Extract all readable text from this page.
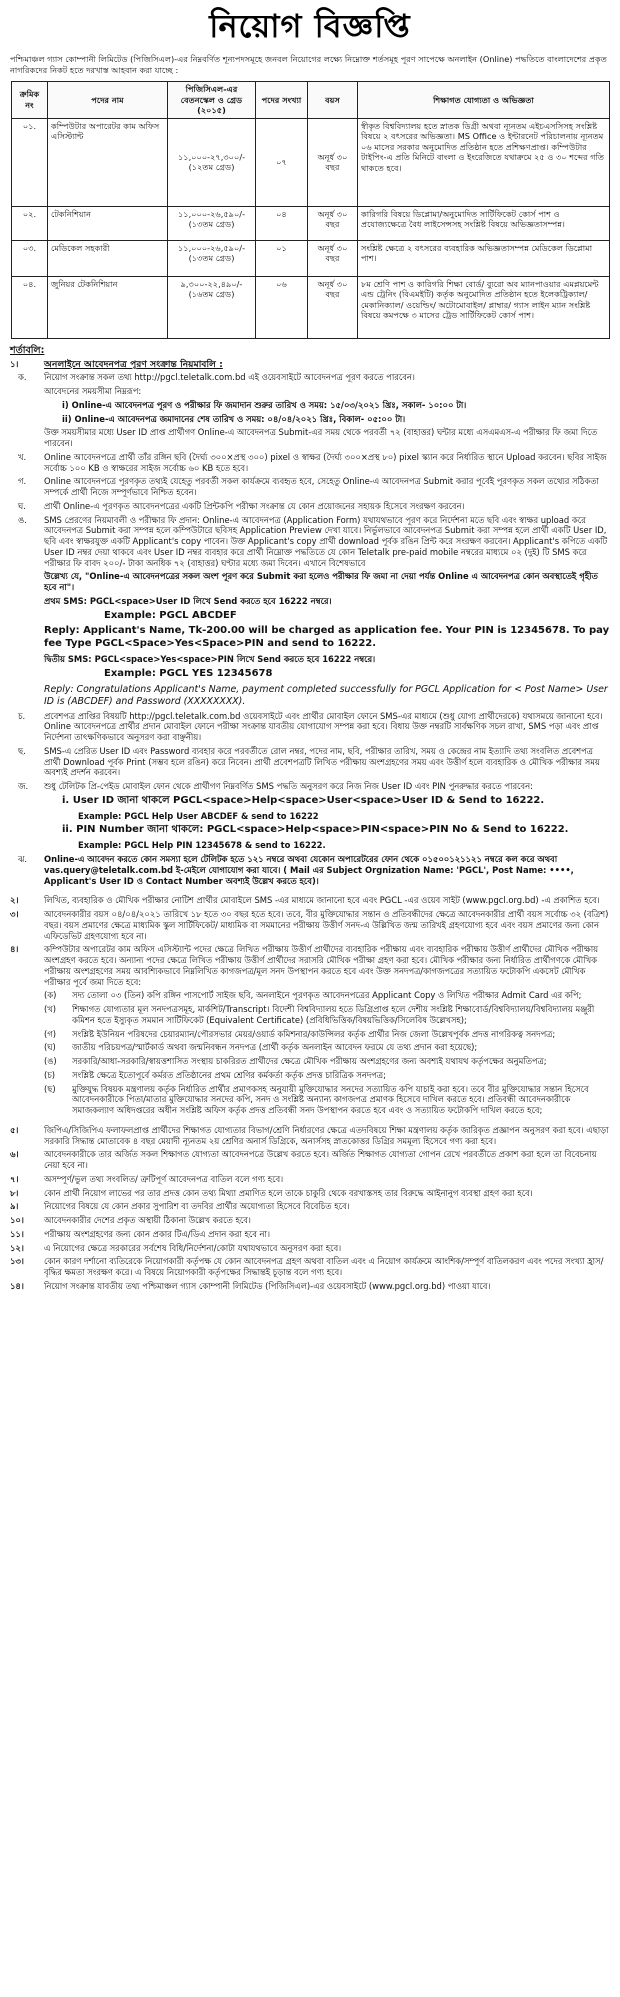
নিয়োগ বিজ্ঞপ্তি

পশ্চিমাঞ্চল গ্যাস কোম্পানী লিমিটেড (পিজিসিএল)-এর নিম্নবর্ণিত শূন্যপদসমূহে জনবল নিয়োগের লক্ষ্যে নিম্নোক্ত শর্তসমূহ পূরণ সাপেক্ষে অনলাইন (Online) পদ্ধতিতে বাংলাদেশের প্রকৃত নাগরিকদের নিকট হতে দরখাস্ত আহবান করা যাচ্ছে :

ক্রমিক নং	পদের নাম	পিজিসিএল-এর বেতনস্কেল ও গ্রেড (২০১৫)	পদের সংখ্যা	বয়স	শিক্ষাগত যোগ্যতা ও অভিজ্ঞতা
০১.	কম্পিউটার অপারেটর কাম অফিস এসিস্ট্যান্ট	১১,০০০-২৭,৩০০/- (১২তম গ্রেড)	০৭	অনূর্ধ ৩০ বছর	স্বীকৃত বিশ্ববিদ্যালয় হতে স্নাতক ডিগ্রী অথবা ন্যূনতম এইচএসসিসহ সংশ্লিষ্ট বিষয়ে ২ বৎসরের অভিজ্ঞতা। MS Office ও ইন্টারনেট পরিচালনায় ন্যূনতম ০৬ মাসের সরকার অনুমোদিত প্রতিষ্ঠান হতে প্রশিক্ষণপ্রাপ্ত। কম্পিউটার টাইপিং-এ প্রতি মিনিটে বাংলা ও ইংরেজিতে যথাক্রমে ২৫ ও ৩০ শব্দের গতি থাকতে হবে।
০২.	টেকনিশিয়ান	১১,০০০-২৬,৫৯০/- (১৩তম গ্রেড)	০৪	অনূর্ধ ৩০ বছর	কারিগরি বিষয়ে ডিপ্লোমা/অনুমোদিত সার্টিফিকেট কোর্স পাশ ও প্রযোজ্যক্ষেত্রে বৈধ লাইসেন্সসহ সংশ্লিষ্ট বিষয়ে অভিজ্ঞতাসম্পন্ন।
০৩.	মেডিকেল সহকারী	১১,০০০-২৬,৫৯০/- (১৩তম গ্রেড)	০১	অনূর্ধ ৩০ বছর	সংশ্লিষ্ট ক্ষেত্রে ২ বৎসরের ব্যবহারিক অভিজ্ঞতাসম্পন্ন মেডিকেল ডিপ্লোমা পাশ।
০৪.	জুনিয়র টেকনিশিয়ান	৯,৩০০-২২,৪৯০/- (১৬তম গ্রেড)	০৬	অনূর্ধ ৩০ বছর	৮ম শ্রেণি পাশ ও কারিগরি শিক্ষা বোর্ড/ ব্যুরো অব ম্যানপাওয়ার এমপ্লয়মেন্ট এন্ড ট্রেনিং (বিএমইটি) কর্তৃক অনুমোদিত প্রতিষ্ঠান হতে ইলেকট্রিক্যাল/ মেকানিক্যাল/ ওয়েল্ডিং/ অটোমোবাইল/ প্লাম্বার/ গ্যাস লাইন ম্যান সংশ্লিষ্ট বিষয়ে কমপক্ষে ৩ মাসের ট্রেড সার্টিফিকেট কোর্স পাশ।
শর্তাবলি:
১।	অনলাইনে আবেদনপত্র পূরণ সংক্রান্ত নিয়মাবলি :
ক.	নিয়োগ সংক্রান্ত সকল তথ্য http://pgcl.teletalk.com.bd এই ওয়েবসাইটে আবেদনপত্র পূরণ করতে পারবেন।

আবেদনের সময়সীমা নিম্নরূপ:

i) Online-এ আবেদনপত্র পূরণ ও পরীক্ষার ফি জমাদান শুরুর তারিখ ও সময়: ১৫/০৩/২০২১ খ্রিঃ, সকাল- ১০:০০ টা।

ii) Online-এ আবেদনপত্র জমাদানের শেষ তারিখ ও সময়: ০৪/০৪/২০২১ খ্রিঃ, বিকাল- ০৫:০০ টা।

উক্ত সময়সীমার মধ্যে User ID প্রাপ্ত প্রার্থীগণ Online-এ আবেদনপত্র Submit-এর সময় থেকে পরবর্তী ৭২ (বাহাত্তর) ঘন্টার মধ্যে এসএমএস-এ পরীক্ষার ফি জমা দিতে পারবেন।

খ.	Online আবেদনপত্রে প্রার্থী তাঁর রঙ্গিন ছবি (দৈর্ঘ্য ৩০০×প্রস্থ ৩০০) pixel ও স্বাক্ষর (দৈর্ঘ্য ৩০০×প্রস্থ ৮০) pixel স্ক্যান করে নির্ধারিত স্থানে Upload করবেন। ছবির সাইজ সর্বোচ্চ ১০০ KB ও স্বাক্ষরের সাইজ সর্বোচ্চ ৬০ KB হতে হবে।

গ.	Online আবেদনপত্রে পূরণকৃত তথ্যই যেহেতু পরবর্তী সকল কার্যক্রমে ব্যবহৃত হবে, সেহেতু Online-এ আবেদনপত্র Submit করার পূর্বেই পূরণকৃত সকল তথ্যের সঠিকতা সম্পর্কে প্রার্থী নিজে সম্পূর্ণভাবে নিশ্চিত হবেন।

ঘ.	প্রার্থী Online-এ পূরণকৃত আবেদনপত্রের একটি প্রিন্টকপি পরীক্ষা সংক্রান্ত যে কোন প্রয়োজনের সহায়ক হিসেবে সংরক্ষণ করবেন।

ঙ.	SMS প্রেরণের নিয়মাবলী ও পরীক্ষার ফি প্রদান: Online-এ আবেদনপত্র (Application Form) যথাযথভাবে পূরণ করে নির্দেশনা মতে ছবি এবং স্বাক্ষর upload করে আবেদনপত্র Submit করা সম্পন্ন হলে কম্পিউটারে ছবিসহ Application Preview দেখা যাবে। নির্ভুলভাবে আবেদনপত্র Submit করা সম্পন্ন হলে প্রার্থী একটি User ID, ছবি এবং স্বাক্ষরযুক্ত একটি Applicant's copy পাবেন। উক্ত Applicant's copy প্রার্থী download পূর্বক রঙিন প্রিন্ট করে সংরক্ষণ করবেন। Applicant's কপিতে একটি User ID নম্বর দেয়া থাকবে এবং User ID নম্বর ব্যবহার করে প্রার্থী নিম্নোক্ত পদ্ধতিতে যে কোন Teletalk pre-paid mobile নম্বরের মাধ্যমে ০২ (দুই) টি SMS করে পরীক্ষার ফি বাবদ ২০০/- টাকা অনধিক ৭২ (বাহাত্তর) ঘণ্টার মধ্যে জমা দিবেন। এখানে বিশেষভাবে

উল্লেখ্য যে, "Online-এ আবেদনপত্রের সকল অংশ পূরণ করে Submit করা হলেও পরীক্ষার ফি জমা না দেয়া পর্যন্ত Online এ আবেদনপত্র কোন অবস্থাতেই গৃহীত হবে না"।

প্রথম SMS: PGCL<space>User ID লিখে Send করতে হবে 16222 নম্বরে।

Example: PGCL ABCDEF

Reply: Applicant's Name, Tk-200.00 will be charged as application fee. Your PIN is 12345678. To pay fee Type PGCL<Space>Yes<Space>PIN and send to 16222.

দ্বিতীয় SMS: PGCL<space>Yes<space>PIN লিখে Send করতে হবে 16222 নম্বরে।

Example: PGCL YES 12345678

Reply: Congratulations Applicant's Name, payment completed successfully for PGCL Application for < Post Name> User ID is (ABCDEF) and Password (XXXXXXXX).

চ.	প্রবেশপত্র প্রাপ্তির বিষয়টি http://pgcl.teletalk.com.bd ওয়েবসাইটে এবং প্রার্থীর মোবাইল ফোনে SMS-এর মাধ্যমে (শুধু যোগ্য প্রার্থীদেরকে) যথাসময়ে জানানো হবে। Online আবেদনপত্রে প্রার্থীর প্রদান মোবাইল ফোনে পরীক্ষা সংক্রান্ত যাবতীয় যোগাযোগ সম্পন্ন করা হবে। বিধায় উক্ত নম্বরটি সার্বক্ষণিক সচল রাখা, SMS পড়া এবং প্রাপ্ত নির্দেশনা তাৎক্ষণিকভাবে অনুসরণ করা বাঞ্ছনীয়।

ছ.	SMS-এ প্রেরিত User ID এবং Password ব্যবহার করে পরবর্তীতে রোল নম্বর, পদের নাম, ছবি, পরীক্ষার তারিখ, সময় ও কেন্দ্রের নাম ইত্যাদি তথ্য সংবলিত প্রবেশপত্র প্রার্থী Download পূর্বক Print (সম্ভব হলে রঙিন) করে নিবেন। প্রার্থী প্রবেশপত্রটি লিখিত পরীক্ষায় অংশগ্রহণের সময় এবং উত্তীর্ণ হলে ব্যবহারিক ও মৌখিক পরীক্ষার সময় অবশ্যই প্রদর্শন করবেন।

জ.	শুধু টেলিটক প্রি-পেইড মোবাইল ফোন থেকে প্রার্থীগণ নিম্নবর্ণিত SMS পদ্ধতি অনুসরণ করে নিজ নিজ User ID এবং PIN পুনরুদ্ধার করতে পারবেন:

i. User ID জানা থাকলে PGCL<space>Help<space>User<space>User ID & Send to 16222.

Example: PGCL Help User ABCDEF & send to 16222

ii. PIN Number জানা থাকলে: PGCL<space>Help<space>PIN<space>PIN No & Send to 16222.

Example: PGCL Help PIN 12345678 & send to 16222.

ঝ.	Online-এ আবেদন করতে কোন সমস্যা হলে টেলিটক হতে ১২১ নম্বরে অথবা যেকোন অপারেটরের ফোন থেকে ০১৫০০১২১১২১ নম্বরে কল করে অথবা vas.query@teletalk.com.bd ই-মেইলে যোগাযোগ করা যাবে। ( Mail এর Subject Orgnization Name: 'PGCL', Post Name: ••••, Applicant's User ID ও Contact Number অবশ্যই উল্লেখ করতে হবে)।

২।	লিখিত, ব্যবহারিক ও মৌখিক পরীক্ষার নোটিশ প্রার্থীর মোবাইলে SMS -এর মাধ্যমে জানানো হবে এবং PGCL -এর ওয়েব সাইট (www.pgcl.org.bd) -এ প্রকাশিত হবে।

৩।	আবেদনকারীর বয়স ০৪/০৪/২০২১ তারিখে ১৮ হতে ৩০ বছর হতে হবে। তবে, বীর মুক্তিযোদ্ধার সন্তান ও প্রতিবন্ধীদের ক্ষেত্রে আবেদনকারীর প্রার্থী বয়স সর্বোচ্চ ৩২ (বত্রিশ) বছর। বয়স প্রমাণের ক্ষেত্রে মাধ্যমিক স্কুল সার্টিফিকেট/ মাধ্যমিক বা সমমানের পরীক্ষায় উত্তীর্ণ সনদ-এ উল্লিখিত জন্ম তারিখই গ্রহণযোগ্য হবে এবং বয়স প্রমাণের জন্য কোন এফিডেভিট গ্রহণযোগ্য হবে না।

৪।	কম্পিউটার অপারেটর কাম অফিস এসিস্ট্যান্ট পদের ক্ষেত্রে লিখিত পরীক্ষায় উত্তীর্ণ প্রার্থীদের ব্যবহারিক পরীক্ষায় এবং ব্যবহারিক পরীক্ষায় উত্তীর্ণ প্রার্থীদের মৌখিক পরীক্ষায় অংশগ্রহণ করতে হবে। অন্যান্য পদের ক্ষেত্রে লিখিত পরীক্ষায় উত্তীর্ণ প্রার্থীদের সরাসরি মৌখিক পরীক্ষা গ্রহণ করা হবে। মৌখিক পরীক্ষার জন্য নির্ধারিত প্রার্থীগণকে মৌখিক পরীক্ষায় অংশগ্রহণের সময় আবশ্যিকভাবে নিম্নলিখিত কাগজপত্র/মূল সনদ উপস্থাপন করতে হবে এবং উক্ত সনদপত্র/কাগজপত্রের সত্যায়িত ফটোকপি একসেট মৌখিক পরীক্ষার পূর্বে জমা দিতে হবে:

(ক)	সদ্য তোলা ০৩ (তিন) কপি রঙ্গিন পাসপোর্ট সাইজ ছবি, অনলাইনে পূরণকৃত আবেদনপত্রের Applicant Copy ও লিখিত পরীক্ষার Admit Card এর কপি;

(খ)	শিক্ষাগত যোগ্যতার মূল সনদপত্রসমূহ, মার্কশিট/Transcript। বিদেশী বিশ্ববিদ্যালয় হতে ডিগ্রিপ্রাপ্ত হলে দেশীয় সংশ্লিষ্ট শিক্ষাবোর্ড/বিশ্ববিদ্যালয়/বিশ্ববিদ্যালয় মঞ্জুরী কমিশন হতে ইস্যুকৃত সমমান সার্টিফিকেট (Equivalent Certificate) (প্রবিধিভিত্তিক/বিষয়ভিত্তিক/সিলেবিষ উল্লেখসহ);

(গ)	সংশ্লিষ্ট ইউনিয়ন পরিষদের চেয়ারম্যান/পৌরসভার মেয়র/ওয়ার্ড কমিশনার/কাউন্সিলর কর্তৃক প্রার্থীর নিজ জেলা উল্লেখপূর্বক প্রদত্ত নাগরিকত্ব সনদপত্র;

(ঘ)	জাতীয় পরিচয়পত্র/স্মার্টকার্ড অথবা জন্মনিবন্ধন সনদপত্র (প্রার্থী কর্তৃক অনলাইন আবেদন ফরমে যে তথ্য প্রদান করা হয়েছে);

(ঙ)	সরকারি/আধা-সরকারি/স্বায়ত্তশাসিত সংস্থায় চাকরিরত প্রার্থীদের ক্ষেত্রে মৌখিক পরীক্ষায় অংশগ্রহণের জন্য অবশ্যই যথাযথ কর্তৃপক্ষের অনুমতিপত্র;

(চ)	সংশ্লিষ্ট ক্ষেত্রে ইতোপূর্বে কর্মরত প্রতিষ্ঠানের প্রথম শ্রেণির কর্মকর্তা কর্তৃক প্রদত্ত চারিত্রিক সনদপত্র;

(ছ)	মুক্তিযুদ্ধ বিষয়ক মন্ত্রণালয় কর্তৃক নির্ধারিত প্রার্থীর প্রমাণকসহ অনুযায়ী মুক্তিযোদ্ধার সনদের সত্যায়িত কপি যাচাই করা হবে। তবে বীর মুক্তিযোদ্ধার সন্তান হিসেবে আবেদনকারীকে পিতা/মাতার মুক্তিযোদ্ধার সনদের কপি, সনদ ও সংশ্লিষ্ট অন্যান্য কাগজপত্র প্রমাণক হিসেবে দাখিল করতে হবে। প্রতিবন্ধী আবেদনকারীকে সমাজকল্যাণ অধিদপ্তরের অধীন সংশ্লিষ্ট অফিস কর্তৃক প্রদত্ত প্রতিবন্ধী সনদ উপস্থাপন করতে হবে এবং ও সত্যায়িত ফটোকপি দাখিল করতে হবে;

৫।	জিপিএ/সিজিপিএ ফলাফলপ্রাপ্ত প্রার্থীদের শিক্ষাগত যোগ্যতার বিভাগ/শ্রেণি নির্ধারণের ক্ষেত্রে এতদবিষয়ে শিক্ষা মন্ত্রণালয় কর্তৃক জারিকৃত প্রজ্ঞাপন অনুসরণ করা হবে। এছাড়া সরকারি সিদ্ধান্ত মোতাবেক ৪ বছর মেয়াদী ন্যূনতম ২য় শ্রেণির অনার্স ডিগ্রিকে, অনার্সসহ স্নাতকোত্তর ডিগ্রির সমমূল্য হিসেবে গণ্য করা হবে।

৬।	আবেদনকারীকে তার অর্জিত সকল শিক্ষাগত যোগ্যতা আবেদনপত্রে উল্লেখ করতে হবে। অর্জিত শিক্ষাগত যোগ্যতা গোপন রেখে পরবর্তীতে প্রকাশ করা হলে তা বিবেচনায় নেয়া হবে না।

৭।	অসম্পূর্ণ/ভুল তথ্য সংবলিত/ ত্রুটিপূর্ণ আবেদনপত্র বাতিল বলে গণ্য হবে।

৮।	কোন প্রার্থী নিয়োগ লাভের পর তার প্রদত্ত কোন তথ্য মিথ্যা প্রমাণিত হলে তাকে চাকুরি থেকে বরখাস্তসহ তার বিরুদ্ধে আইনানুগ ব্যবস্থা গ্রহণ করা হবে।

৯।	নিয়োগের বিষয়ে যে কোন প্রকার সুপারিশ বা তদবির প্রার্থীর অযোগ্যতা হিসেবে বিবেচিত হবে।

১০।	আবেদনকারীর দেশের প্রকৃত অস্থায়ী ঠিকানা উল্লেখ করতে হবে।

১১।	পরীক্ষায় অংশগ্রহণের জন্য কোন প্রকার টিএ/ডিএ প্রদান করা হবে না।

১২।	এ নিয়োগের ক্ষেত্রে সরকারের সর্বশেষ বিধি/নির্দেশনা/কোটা যথাযথভাবে অনুসরণ করা হবে।

১৩।	কোন কারণ দর্শানো ব্যতিরেকে নিয়োগকারী কর্তৃপক্ষ যে কোন আবেদনপত্র গ্রহণ অথবা বাতিল এবং এ নিয়োগ কার্যক্রমে আংশিক/সম্পূর্ণ বাতিলকরণ এবং পদের সংখ্যা হ্রাস/বৃদ্ধির ক্ষমতা সংরক্ষণ করে। এ বিষয়ে নিয়োগকারী কর্তৃপক্ষের সিদ্ধান্তই চূড়ান্ত বলে গণ্য হবে।

১৪।	নিয়োগ সংক্রান্ত যাবতীয় তথ্য পশ্চিমাঞ্চল গ্যাস কোম্পানী লিমিটেড (পিজিসিএল)-এর ওয়েবসাইটে (www.pgcl.org.bd) পাওয়া যাবে।
